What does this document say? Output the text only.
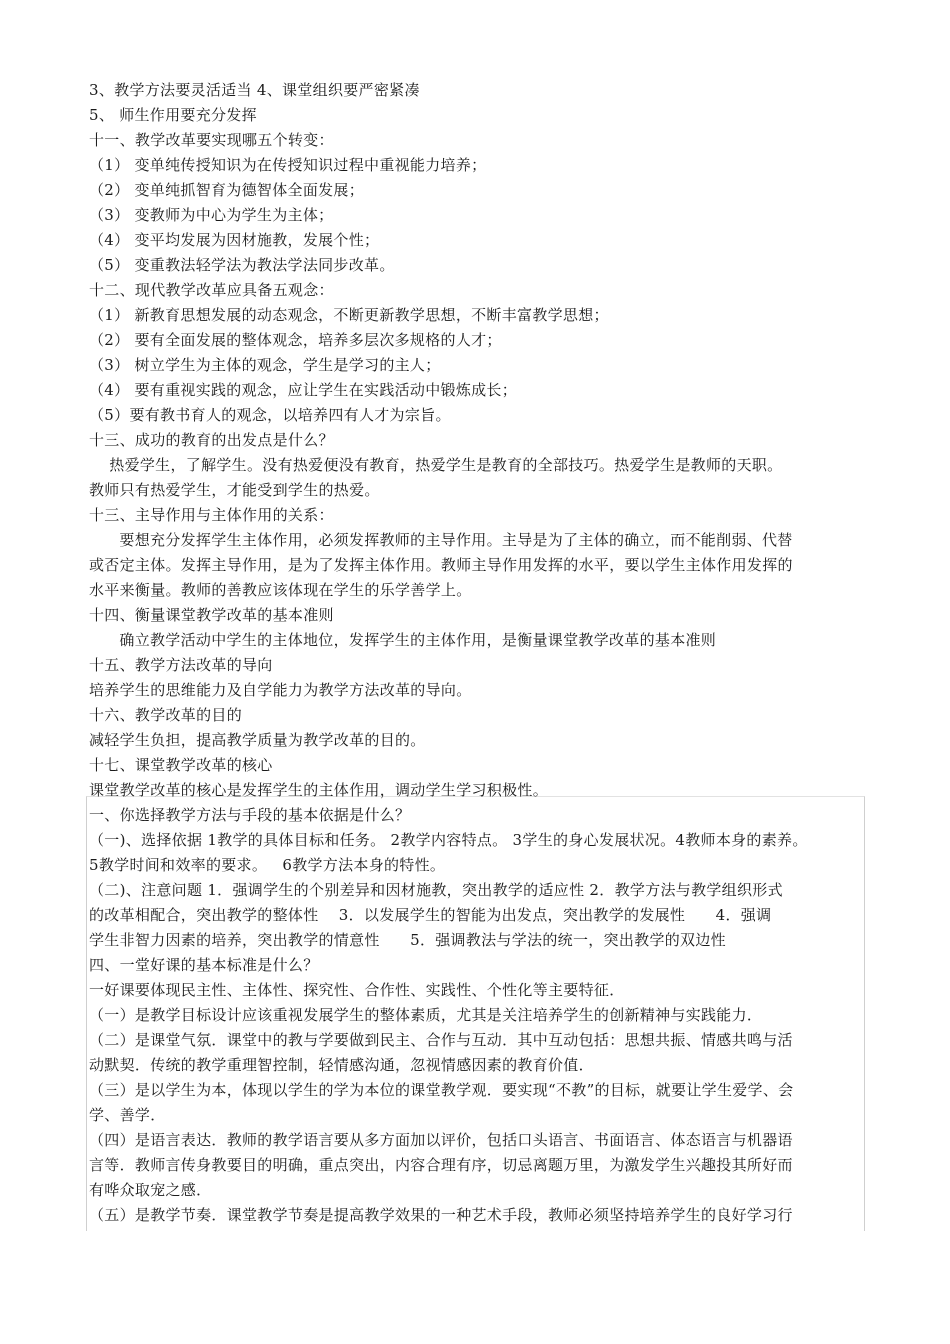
3、教学方法要灵活适当 4、课堂组织要严密紧凑
5、 师生作用要充分发挥
十一、教学改革要实现哪五个转变：
（1） 变单纯传授知识为在传授知识过程中重视能力培养；
（2） 变单纯抓智育为德智体全面发展；
（3） 变教师为中心为学生为主体；
（4） 变平均发展为因材施教，发展个性；
（5） 变重教法轻学法为教法学法同步改革。
十二、现代教学改革应具备五观念：
（1） 新教育思想发展的动态观念，不断更新教学思想，不断丰富教学思想；
（2） 要有全面发展的整体观念，培养多层次多规格的人才；
（3） 树立学生为主体的观念，学生是学习的主人；
（4） 要有重视实践的观念，应让学生在实践活动中锻炼成长；
（5）要有教书育人的观念，以培养四有人才为宗旨。
十三、成功的教育的出发点是什么？
热爱学生，了解学生。没有热爱便没有教育，热爱学生是教育的全部技巧。热爱学生是教师的天职。
教师只有热爱学生，才能受到学生的热爱。
十三、主导作用与主体作用的关系：
要想充分发挥学生主体作用，必须发挥教师的主导作用。主导是为了主体的确立，而不能削弱、代替
或否定主体。发挥主导作用，是为了发挥主体作用。教师主导作用发挥的水平，要以学生主体作用发挥的
水平来衡量。教师的善教应该体现在学生的乐学善学上。
十四、衡量课堂教学改革的基本准则
确立教学活动中学生的主体地位，发挥学生的主体作用，是衡量课堂教学改革的基本准则
十五、教学方法改革的导向
培养学生的思维能力及自学能力为教学方法改革的导向。
十六、教学改革的目的
减轻学生负担，提高教学质量为教学改革的目的。
十七、课堂教学改革的核心
课堂教学改革的核心是发挥学生的主体作用，调动学生学习积极性。
一、你选择教学方法与手段的基本依据是什么？
（一)、选择依据 1教学的具体目标和任务。 2教学内容特点。 3学生的身心发展状况。4教师本身的素养。
5教学时间和效率的要求。   6教学方法本身的特性。
（二)、注意问题 1．强调学生的个别差异和因材施教，突出教学的适应性 2．教学方法与教学组织形式
的改革相配合，突出教学的整体性    3．以发展学生的智能为出发点，突出教学的发展性      4．强调
学生非智力因素的培养，突出教学的情意性      5．强调教法与学法的统一，突出教学的双边性
四、一堂好课的基本标准是什么？
一好课要体现民主性、主体性、探究性、合作性、实践性、个性化等主要特征．
（一）是教学目标设计应该重视发展学生的整体素质，尤其是关注培养学生的创新精神与实践能力．
（二）是课堂气氛．课堂中的教与学要做到民主、合作与互动．其中互动包括：思想共振、情感共鸣与活
动默契．传统的教学重理智控制，轻情感沟通，忽视情感因素的教育价值．
（三）是以学生为本，体现以学生的学为本位的课堂教学观．要实现“不教”的目标，就要让学生爱学、会
学、善学．
（四）是语言表达．教师的教学语言要从多方面加以评价，包括口头语言、书面语言、体态语言与机器语
言等．教师言传身教要目的明确，重点突出，内容合理有序，切忌离题万里，为激发学生兴趣投其所好而
有哗众取宠之感．
（五）是教学节奏．课堂教学节奏是提高教学效果的一种艺术手段，教师必须坚持培养学生的良好学习行
